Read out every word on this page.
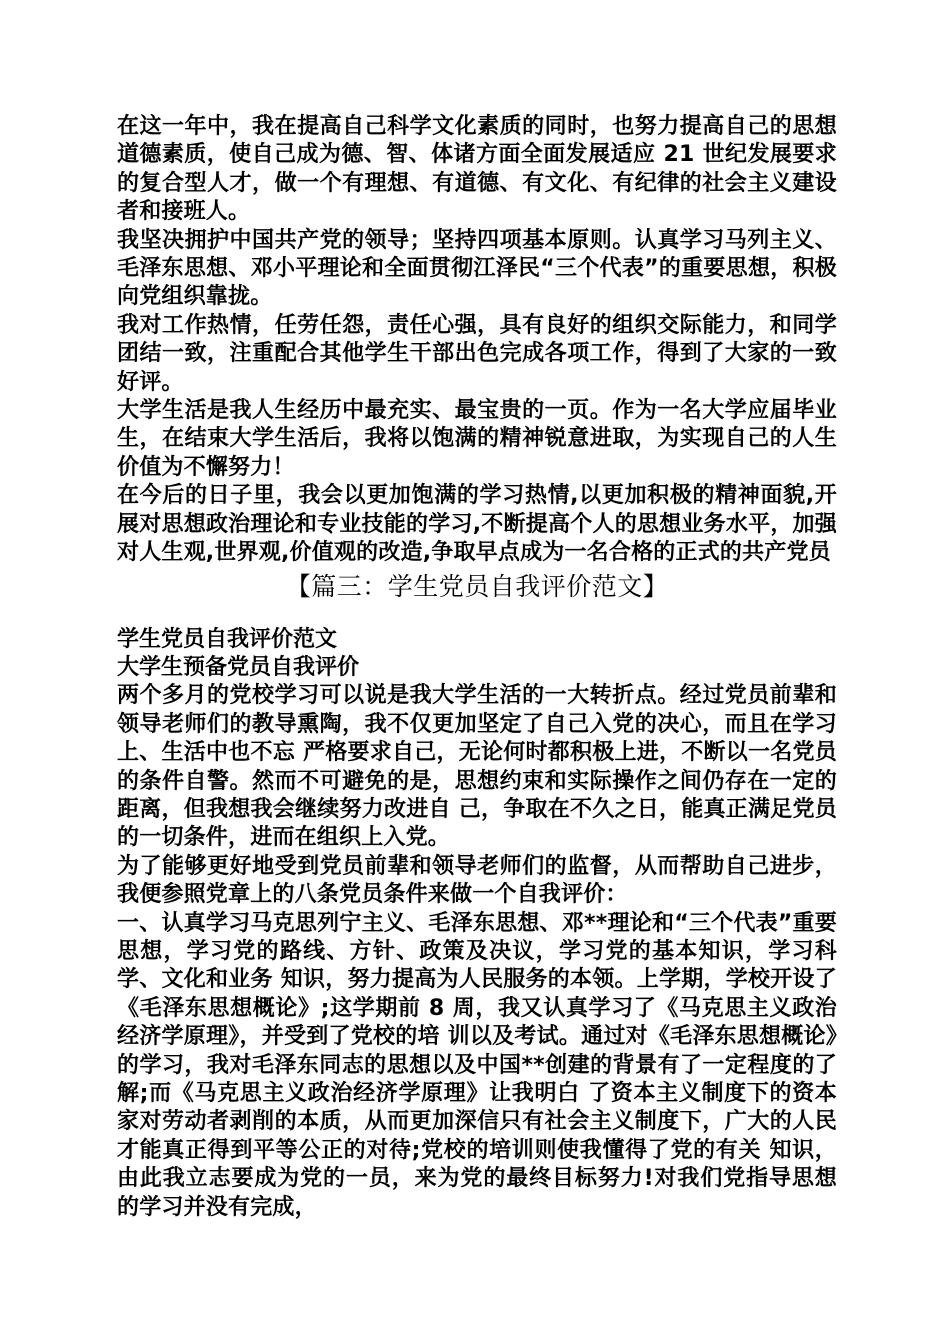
在这一年中，我在提高自己科学文化素质的同时，也努力提高自己的思想道德素质，使自己成为德、智、体诸方面全面发展适应 21 世纪发展要求的复合型人才，做一个有理想、有道德、有文化、有纪律的社会主义建设者和接班人。

我坚决拥护中国共产党的领导；坚持四项基本原则。认真学习马列主义、毛泽东思想、邓小平理论和全面贯彻江泽民“三个代表”的重要思想，积极向党组织靠拢。

我对工作热情，任劳任怨，责任心强，具有良好的组织交际能力，和同学团结一致，注重配合其他学生干部出色完成各项工作，得到了大家的一致好评。

大学生活是我人生经历中最充实、最宝贵的一页。作为一名大学应届毕业生，在结束大学生活后，我将以饱满的精神锐意进取，为实现自己的人生价值为不懈努力！

在今后的日子里，我会以更加饱满的学习热情,以更加积极的精神面貌,开展对思想政治理论和专业技能的学习,不断提高个人的思想业务水平，加强对人生观,世界观,价值观的改造,争取早点成为一名合格的正式的共产党员

【篇三：学生党员自我评价范文】

学生党员自我评价范文

大学生预备党员自我评价

两个多月的党校学习可以说是我大学生活的一大转折点。经过党员前辈和领导老师们的教导熏陶，我不仅更加坚定了自己入党的决心，而且在学习上、生活中也不忘 严格要求自己，无论何时都积极上进，不断以一名党员的条件自警。然而不可避免的是，思想约束和实际操作之间仍存在一定的距离，但我想我会继续努力改进自 己，争取在不久之日，能真正满足党员的一切条件，进而在组织上入党。

为了能够更好地受到党员前辈和领导老师们的监督，从而帮助自己进步，我便参照党章上的八条党员条件来做一个自我评价：

一、认真学习马克思列宁主义、毛泽东思想、邓**理论和“三个代表”重要思想，学习党的路线、方针、政策及决议，学习党的基本知识，学习科学、文化和业务 知识，努力提高为人民服务的本领。上学期，学校开设了《毛泽东思想概论》;这学期前 8 周，我又认真学习了《马克思主义政治经济学原理》，并受到了党校的培 训以及考试。通过对《毛泽东思想概论》的学习，我对毛泽东同志的思想以及中国**创建的背景有了一定程度的了解;而《马克思主义政治经济学原理》让我明白 了资本主义制度下的资本家对劳动者剥削的本质，从而更加深信只有社会主义制度下，广大的人民才能真正得到平等公正的对待;党校的培训则使我懂得了党的有关 知识，由此我立志要成为党的一员，来为党的最终目标努力!对我们党指导思想的学习并没有完成，
